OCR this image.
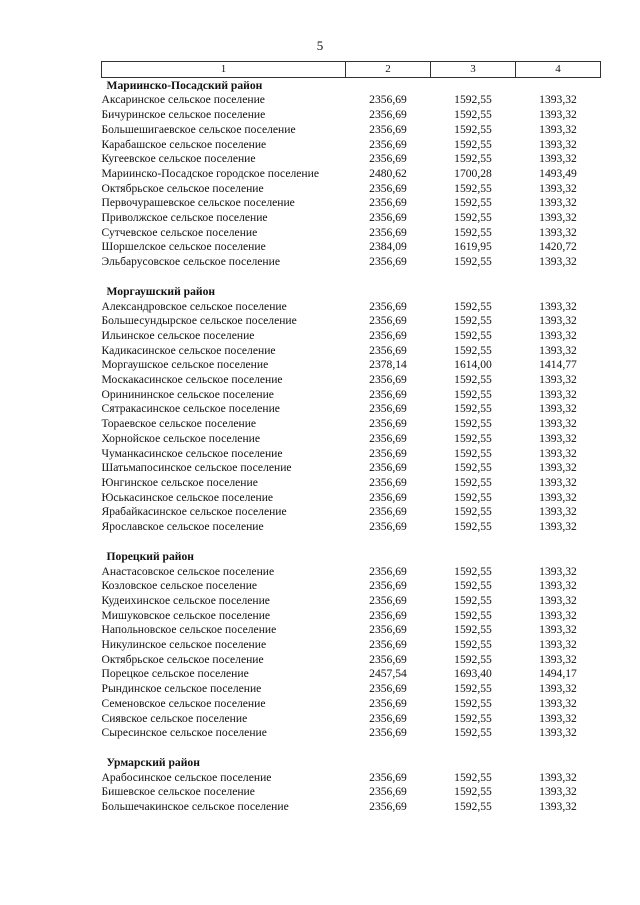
5
1	2	3	4
Мариинско-Посадский район			
Аксаринское сельское поселение	2356,69	1592,55	1393,32
Бичуринское сельское поселение	2356,69	1592,55	1393,32
Большешигаевское сельское поселение	2356,69	1592,55	1393,32
Карабашское сельское поселение	2356,69	1592,55	1393,32
Кугеевское сельское поселение	2356,69	1592,55	1393,32
Мариинско-Посадское городское поселение	2480,62	1700,28	1493,49
Октябрьское сельское поселение	2356,69	1592,55	1393,32
Первочурашевское сельское поселение	2356,69	1592,55	1393,32
Приволжское сельское поселение	2356,69	1592,55	1393,32
Сутчевское сельское поселение	2356,69	1592,55	1393,32
Шоршелское сельское поселение	2384,09	1619,95	1420,72
Эльбарусовское сельское поселение	2356,69	1592,55	1393,32

Моргаушский район			
Александровское сельское поселение	2356,69	1592,55	1393,32
Большесундырское сельское поселение	2356,69	1592,55	1393,32
Ильинское сельское поселение	2356,69	1592,55	1393,32
Кадикасинское сельское поселение	2356,69	1592,55	1393,32
Моргаушское сельское поселение	2378,14	1614,00	1414,77
Москакасинское сельское поселение	2356,69	1592,55	1393,32
Оринининское сельское поселение	2356,69	1592,55	1393,32
Сятракасинское сельское поселение	2356,69	1592,55	1393,32
Тораевское сельское поселение	2356,69	1592,55	1393,32
Хорнойское сельское поселение	2356,69	1592,55	1393,32
Чуманкасинское сельское поселение	2356,69	1592,55	1393,32
Шатьмапосинское сельское поселение	2356,69	1592,55	1393,32
Юнгинское сельское поселение	2356,69	1592,55	1393,32
Юськасинское сельское поселение	2356,69	1592,55	1393,32
Ярабайкасинское сельское поселение	2356,69	1592,55	1393,32
Ярославское сельское поселение	2356,69	1592,55	1393,32

Порецкий район			
Анастасовское сельское поселение	2356,69	1592,55	1393,32
Козловское сельское поселение	2356,69	1592,55	1393,32
Кудеихинское сельское поселение	2356,69	1592,55	1393,32
Мишуковское сельское поселение	2356,69	1592,55	1393,32
Напольновское сельское поселение	2356,69	1592,55	1393,32
Никулинское сельское поселение	2356,69	1592,55	1393,32
Октябрьское сельское поселение	2356,69	1592,55	1393,32
Порецкое сельское поселение	2457,54	1693,40	1494,17
Рындинское сельское поселение	2356,69	1592,55	1393,32
Семеновское сельское поселение	2356,69	1592,55	1393,32
Сиявское сельское поселение	2356,69	1592,55	1393,32
Сыресинское сельское поселение	2356,69	1592,55	1393,32

Урмарский район			
Арабосинское сельское поселение	2356,69	1592,55	1393,32
Бишевское сельское поселение	2356,69	1592,55	1393,32
Большечакинское сельское поселение	2356,69	1592,55	1393,32
